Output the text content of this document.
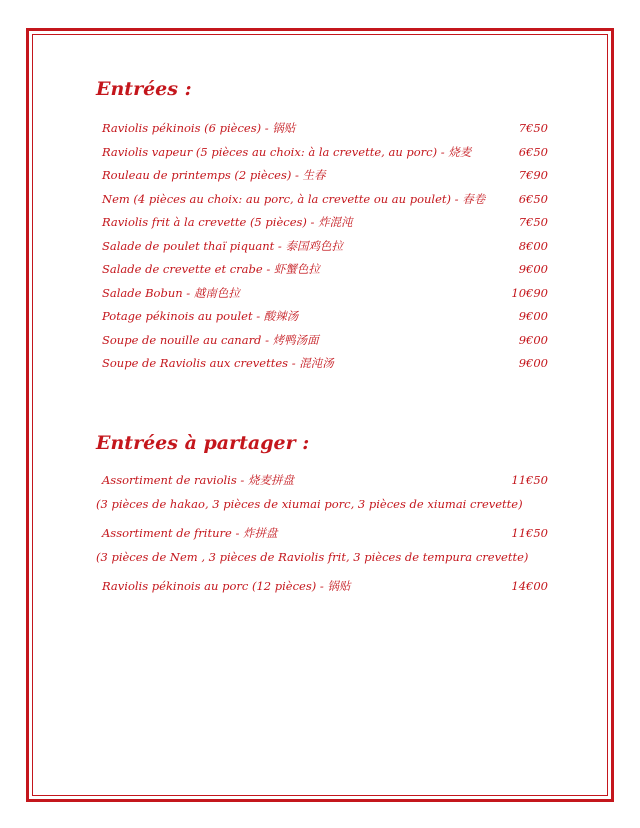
Entrées :
Raviolis pékinois (6 pièces) - 锅贴	7€50
Raviolis vapeur (5 pièces au choix: à la crevette, au porc) - 烧麦	6€50
Rouleau de printemps (2 pièces) - 生春	7€90
Nem (4 pièces au choix: au porc, à la crevette ou au poulet) - 春卷	6€50
Raviolis frit à la crevette (5 pièces) - 炸混沌	7€50
Salade de poulet thaï piquant - 泰国鸡色拉	8€00
Salade de crevette et crabe - 虾蟹色拉	9€00
Salade Bobun - 越南色拉	10€90
Potage pékinois au poulet - 酸辣汤	9€00
Soupe de nouille au canard - 烤鸭汤面	9€00
Soupe de Raviolis aux crevettes - 混沌汤	9€00
Entrées à partager :
Assortiment de raviolis - 烧麦拼盘	11€50
(3 pièces de hakao, 3 pièces de xiumai porc, 3 pièces de xiumai crevette)
Assortiment de friture - 炸拼盘	11€50
(3 pièces de Nem , 3 pièces de Raviolis frit, 3 pièces de tempura crevette)
Raviolis pékinois au porc (12 pièces) - 锅贴	14€00
